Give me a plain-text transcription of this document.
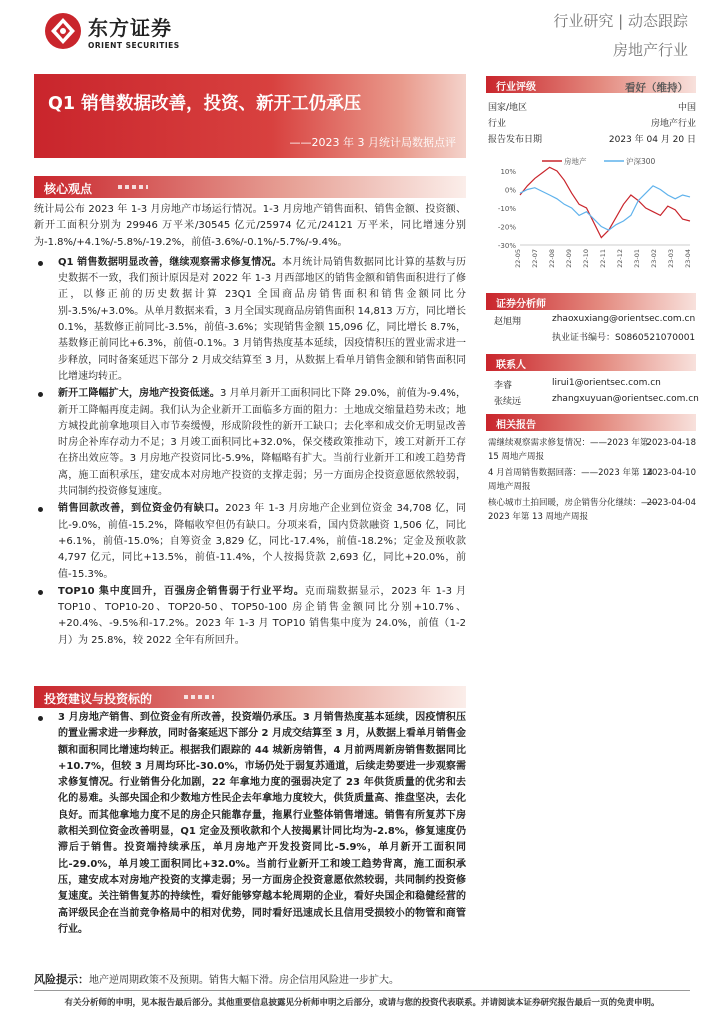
东方证券
ORIENT SECURITIES
行业研究 | 动态跟踪
房地产行业
Q1 销售数据改善，投资、新开工仍承压
——2023 年 3 月统计局数据点评
核心观点

统计局公布 2023 年 1-3 月房地产市场运行情况。1-3 月房地产销售面积、销售金额、投资额、新开工面积分别为 29946 万平米/30545 亿元/25974 亿元/24121 万平米，同比增速分别为-1.8%/+4.1%/-5.8%/-19.2%，前值-3.6%/-0.1%/-5.7%/-9.4%。

Q1 销售数据明显改善，继续观察需求修复情况。本月统计局销售数据同比计算的基数与历史数据不一致，我们预计原因是对 2022 年 1-3 月西部地区的销售金额和销售面积进行了修正，以修正前的历史数据计算 23Q1 全国商品房销售面积和销售金额同比分别-3.5%/+3.0%。从单月数据来看，3 月全国实现商品房销售面积 14,813 万方，同比增长 0.1%，基数修正前同比-3.5%，前值-3.6%；实现销售金额 15,096 亿，同比增长 8.7%，基数修正前同比+6.3%，前值-0.1%。3 月销售热度基本延续，因疫情积压的置业需求进一步释放，同时备案延迟下部分 2 月成交结算至 3 月，从数据上看单月销售金额和销售面积同比增速均转正。
新开工降幅扩大，房地产投资低迷。3 月单月新开工面积同比下降 29.0%，前值为-9.4%，新开工降幅再度走阔。我们认为企业新开工面临多方面的阻力：土地成交缩量趋势未改；地方城投此前拿地项目入市节奏缓慢，形成阶段性的新开工缺口；去化率和成交价无明显改善时房企补库存动力不足；3 月竣工面积同比+32.0%，保交楼政策推动下，竣工对新开工存在挤出效应等。3 月房地产投资同比-5.9%，降幅略有扩大。当前行业新开工和竣工趋势背离，施工面积承压，建安成本对房地产投资的支撑走弱；另一方面房企投资意愿依然较弱，共同制约投资修复速度。
销售回款改善，到位资金仍有缺口。2023 年 1-3 月房地产企业到位资金 34,708 亿，同比-9.0%，前值-15.2%，降幅收窄但仍有缺口。分项来看，国内贷款融资 1,506 亿，同比+6.1%，前值-15.0%；自筹资金 3,829 亿，同比-17.4%，前值-18.2%；定金及预收款 4,797 亿元，同比+13.5%，前值-11.4%，个人按揭贷款 2,693 亿，同比+20.0%，前值-15.3%。
TOP10 集中度回升，百强房企销售弱于行业平均。克而瑞数据显示，2023 年 1-3 月 TOP10、TOP10-20、TOP20-50、TOP50-100 房企销售金额同比分别+10.7%、+20.4%、-9.5%和-17.2%。2023 年 1-3 月 TOP10 销售集中度为 24.0%，前值（1-2 月）为 25.8%，较 2022 全年有所回升。
投资建议与投资标的
3 月房地产销售、到位资金有所改善，投资端仍承压。3 月销售热度基本延续，因疫情积压的置业需求进一步释放，同时备案延迟下部分 2 月成交结算至 3 月，从数据上看单月销售金额和面积同比增速均转正。根据我们跟踪的 44 城新房销售，4 月前两周新房销售数据同比+10.7%，但较 3 月周均环比-30.0%，市场仍处于弱复苏通道，后续走势要进一步观察需求修复情况。行业销售分化加剧，22 年拿地力度的强弱决定了 23 年供货质量的优劣和去化的易难。头部央国企和少数地方性民企去年拿地力度较大，供货质量高、推盘坚决，去化良好。而其他拿地力度不足的房企只能靠存量，拖累行业整体销售增速。销售有所复苏下房款相关到位资金改善明显，Q1 定金及预收款和个人按揭累计同比均为-2.8%，修复速度仍滞后于销售。投资端持续承压，单月房地产开发投资同比-5.9%，单月新开工面积同比-29.0%，单月竣工面积同比+32.0%。当前行业新开工和竣工趋势背离，施工面积承压，建安成本对房地产投资的支撑走弱；另一方面房企投资意愿依然较弱，共同制约投资修复速度。关注销售复苏的持续性，看好能够穿越本轮周期的企业，看好央国企和稳健经营的高评级民企在当前竞争格局中的相对优势，同时看好迅速成长且信用受损较小的物管和商管行业。
风险提示：地产逆周期政策不及预期。销售大幅下滑。房企信用风险进一步扩大。
有关分析师的申明，见本报告最后部分。其他重要信息披露见分析师申明之后部分，或请与您的投资代表联系。并请阅读本证券研究报告最后一页的免责申明。
行业评级	看好（维持）
国家/地区	中国
行业	房地产行业
报告发布日期	2023 年 04 月 20 日
房地产	沪深300
10%
0%
-10%
-20%
-30%
22-05 22-07 22-08 22-09 22-10 22-11 22-12 23-01 23-02 23-03 23-04
证券分析师
赵旭翔	zhaoxuxiang@orientsec.com.cn
执业证书编号：S0860521070001
联系人
李睿	lirui1@orientsec.com.cn
张续远	zhangxuyuan@orientsec.com.cn
相关报告
需继续观察需求修复情况：——2023 年第 15 周地产周报
2023-04-18
4 月首周销售数据回落：——2023 年第 14 周地产周报
2023-04-10
核心城市土拍回暖，房企销售分化继续：——2023 年第 13 周地产周报
2023-04-04
